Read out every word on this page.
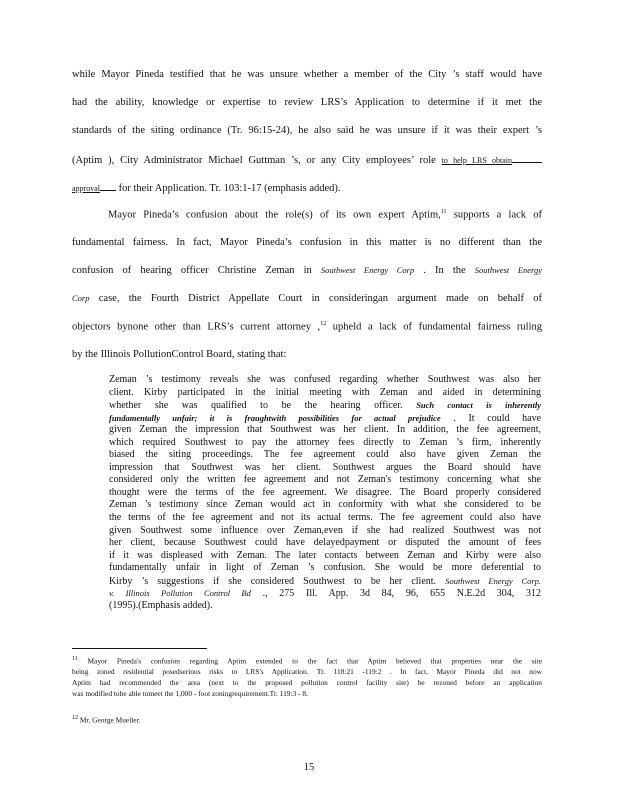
while Mayor Pineda testified that he was unsure whether a member of the City ’s staff would have
had the ability, knowledge or expertise to review LRS’s Application to determine if it met the
standards of the siting ordinance (Tr. 96:15-24), he also said he was unsure if it was their expert ’s
(Aptim ), City Administrator Michael Guttman ’s, or any City employees’ role to help LRS obtain
approval for their Application. Tr. 103:1-17 (emphasis added).
Mayor Pineda’s confusion about the role(s) of its own expert Aptim,$^{11}$ supports a lack of
fundamental fairness. In fact, Mayor Pineda’s confusion in this matter is no different than the
confusion of hearing officer Christine Zeman in Southwest Energy Corp . In the Southwest Energy
Corp case, the Fourth District Appellate Court in consideringan argument made on behalf of
objectors bynone other than LRS’s current attorney ,$^{12}$ upheld a lack of fundamental fairness ruling
by the Illinois PollutionControl Board, stating that:
Zeman ’s testimony reveals she was confused regarding whether Southwest was also her
client. Kirby participated in the initial meeting with Zeman and aided in determining
whether she was qualified to be the hearing officer. Such contact is inherently
fundamentally unfair; it is fraughtwith possibilities for actual prejudice . It could have
given Zeman the impression that Southwest was her client. In addition, the fee agreement,
which required Southwest to pay the attorney fees directly to Zeman ’s firm, inherently
biased the siting proceedings. The fee agreement could also have given Zeman the
impression that Southwest was her client. Southwest argues the Board should have
considered only the written fee agreement and not Zeman's testimony concerning what she
thought were the terms of the fee agreement. We disagree. The Board properly considered
Zeman ’s testimony since Zeman would act in conformity with what she considered to be
the terms of the fee agreement and not its actual terms. The fee agreement could also have
given Southwest some influence over Zeman,even if she had realized Southwest was not
her client, because Southwest could have delayedpayment or disputed the amount of fees
if it was displeased with Zeman. The later contacts between Zeman and Kirby were also
fundamentally unfair in light of Zeman ’s confusion. She would be more deferential to
Kirby ’s suggestions if she considered Southwest to be her client. Southwest Energy Corp.
v. Illinois Pollution Control Bd ., 275 Ill. App. 3d 84, 96, 655 N.E.2d 304, 312
(1995).(Emphasis added).
$^{11}$ Mayor Pineda's confusion regarding Aptim extended to the fact that Aptim believed that properties near the site
being zoned residential posedserious risks to LRS's Application. Tr. 118:21 -119:2 . In fact, Mayor Pineda did not now
Aptim had recommended the area (next to the proposed pollution control facility site) be rezoned before an application
was modified tobe able tomeet the 1,000 - foot zoningrequirement.Tr. 119:3 - 8.
$^{12}$ Mr. George Mueller.
15
